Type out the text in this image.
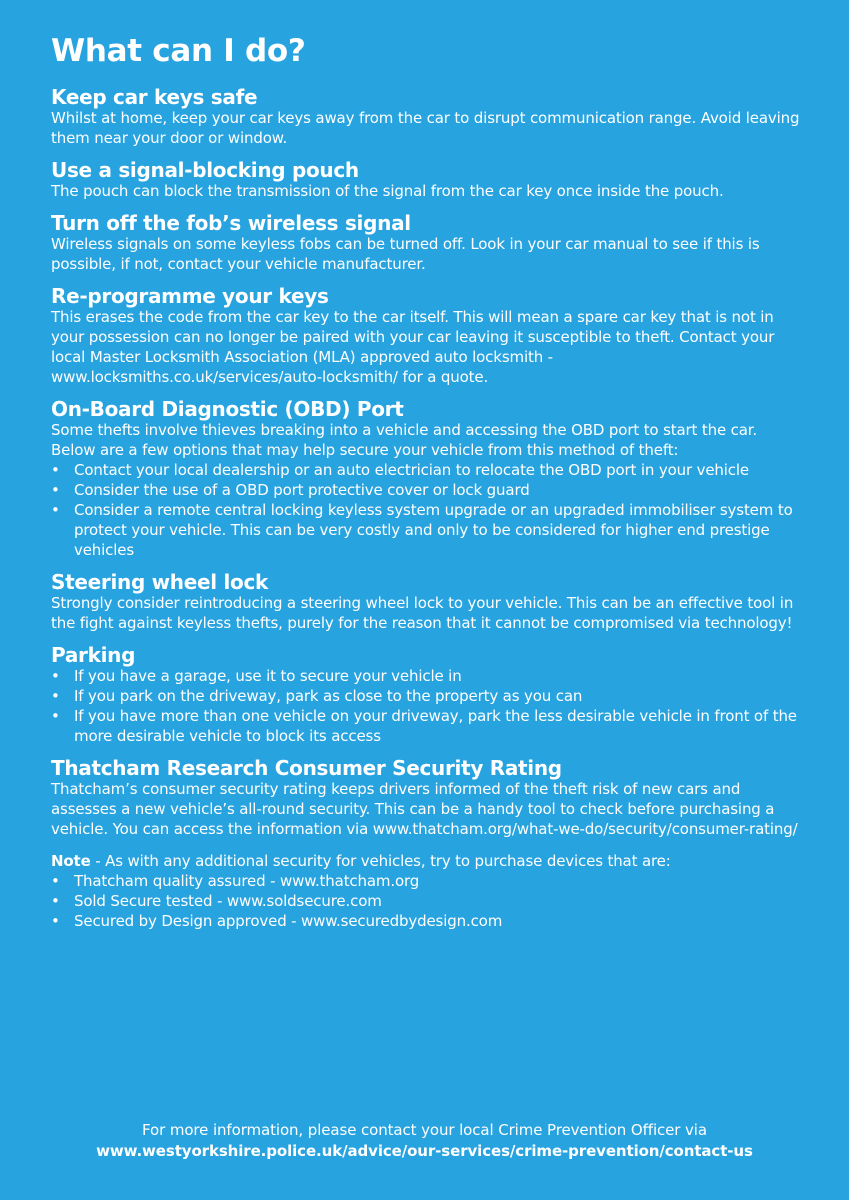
What can I do?
Keep car keys safe

Whilst at home, keep your car keys away from the car to disrupt communication range. Avoid leaving them near your door or window.

Use a signal-blocking pouch

The pouch can block the transmission of the signal from the car key once inside the pouch.

Turn off the fob’s wireless signal

Wireless signals on some keyless fobs can be turned off. Look in your car manual to see if this is possible, if not, contact your vehicle manufacturer.

Re-programme your keys

This erases the code from the car key to the car itself. This will mean a spare car key that is not in your possession can no longer be paired with your car leaving it susceptible to theft. Contact your local Master Locksmith Association (MLA) approved auto locksmith - www.locksmiths.co.uk/services/auto-locksmith/ for a quote.

On-Board Diagnostic (OBD) Port

Some thefts involve thieves breaking into a vehicle and accessing the OBD port to start the car. Below are a few options that may help secure your vehicle from this method of theft:

• Contact your local dealership or an auto electrician to relocate the OBD port in your vehicle
• Consider the use of a OBD port protective cover or lock guard
• Consider a remote central locking keyless system upgrade or an upgraded immobiliser system to protect your vehicle. This can be very costly and only to be considered for higher end prestige vehicles
Steering wheel lock

Strongly consider reintroducing a steering wheel lock to your vehicle. This can be an effective tool in the fight against keyless thefts, purely for the reason that it cannot be compromised via technology!

Parking
• If you have a garage, use it to secure your vehicle in
• If you park on the driveway, park as close to the property as you can
• If you have more than one vehicle on your driveway, park the less desirable vehicle in front of the more desirable vehicle to block its access
Thatcham Research Consumer Security Rating

Thatcham’s consumer security rating keeps drivers informed of the theft risk of new cars and assesses a new vehicle’s all-round security. This can be a handy tool to check before purchasing a vehicle. You can access the information via www.thatcham.org/what-we-do/security/consumer-rating/

Note - As with any additional security for vehicles, try to purchase devices that are:

• Thatcham quality assured - www.thatcham.org
• Sold Secure tested - www.soldsecure.com
• Secured by Design approved - www.securedbydesign.com
For more information, please contact your local Crime Prevention Officer via
www.westyorkshire.police.uk/advice/our-services/crime-prevention/contact-us
